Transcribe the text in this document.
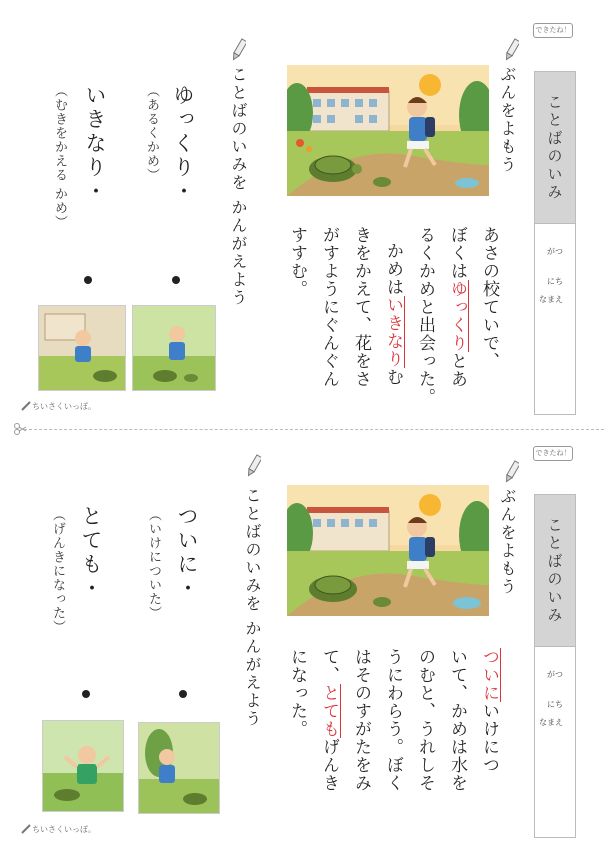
できたね！
ことばのいみ
がつ
にち
なまえ
ぶんをよもう
あさの校ていで、
ぼくはゆっくりとあ
るくかめと出会った。
かめはいきなりむ
きをかえて、花をさ
がすようにぐんぐん
すすむ。
ことばのいみを かんがえよう
ゆっくり・
（あるくかめ）
いきなり・
（むきをかえる かめ）
ちいさくいっぽ。
できたね！
ことばのいみ
がつ
にち
なまえ
ぶんをよもう
ついにいけにつ
いて、かめは水を
のむと、うれしそ
うにわらう。ぼく
はそのすがたをみ
て、とてもげんき
になった。
ことばのいみを かんがえよう
ついに・
（いけについた）
とても・
（げんきになった）
ちいさくいっぽ。
